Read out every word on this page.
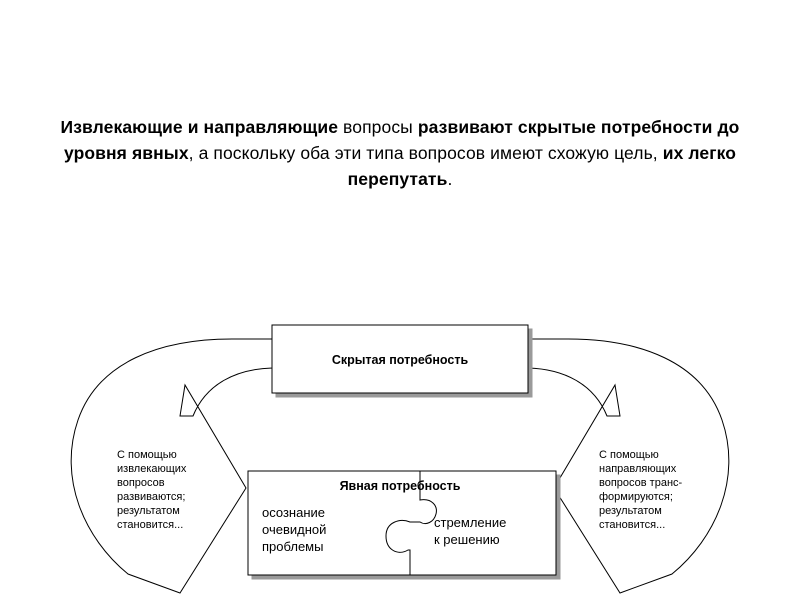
Извлекающие и направляющие вопросы развивают скрытые потребности до уровня явных, а поскольку оба эти типа вопросов имеют схожую цель, их легко перепутать.
Скрытая потребность
Явная потребность
осознание
очевидной
проблемы
стремление
к решению
С помощью
извлекающих
вопросов
развиваются;
результатом
становится...
С помощью
направляющих
вопросов транс-
формируются;
результатом
становится...
